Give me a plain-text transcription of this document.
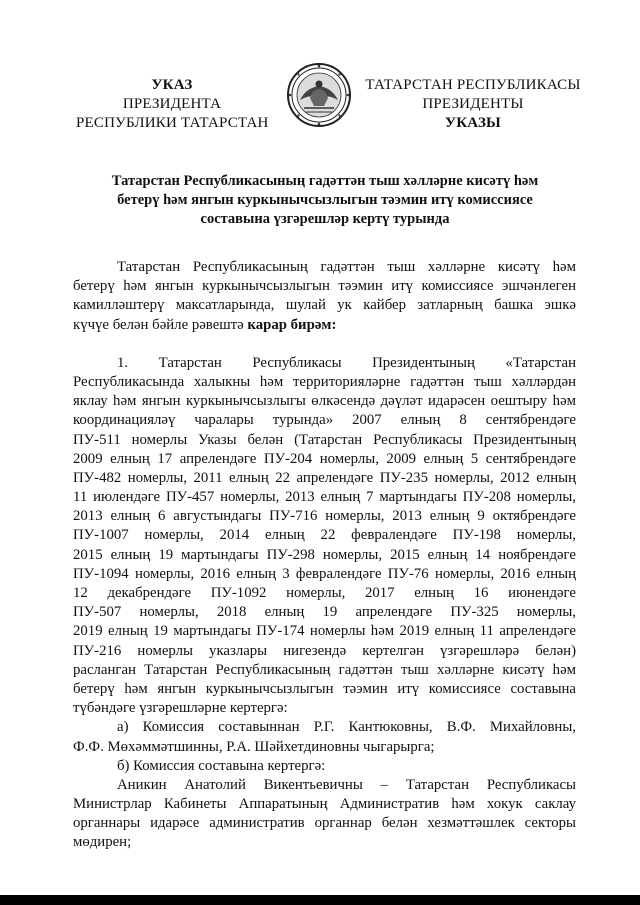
УКАЗ
ПРЕЗИДЕНТА
РЕСПУБЛИКИ ТАТАРСТАН
ТАТАРСТАН РЕСПУБЛИКАСЫ
ПРЕЗИДЕНТЫ
УКАЗЫ
Татарстан Республикасының гадәттән тыш хәлләрне кисәтү һәм
бетерү һәм янгын куркынычсызлыгын тәэмин итү комиссиясе
составына үзгәрешләр кертү турында
Татарстан Республикасының гадәттән тыш хәлләрне кисәтү һәм
бетерү һәм янгын куркынычсызлыгын тәэмин итү комиссиясе эшчәнлеген
камилләштерү максатларында, шулай ук кайбер затларның башка эшкә
күчүе белән бәйле рәвештә карар бирәм:
1. Татарстан Республикасы Президентының «Татарстан
Республикасында халыкны һәм территорияләрне гадәттән тыш хәлләрдән
яклау һәм янгын куркынычсызлыгы өлкәсендә дәүләт идарәсен оештыру һәм
координацияләү чаралары турында» 2007 елның 8 сентябрендәге
ПУ-511 номерлы Указы белән (Татарстан Республикасы Президентының
2009 елның 17 апрелендәге ПУ-204 номерлы, 2009 елның 5 сентябрендәге
ПУ-482 номерлы, 2011 елның 22 апрелендәге ПУ-235 номерлы, 2012 елның
11 июлендәге ПУ-457 номерлы, 2013 елның 7 мартындагы ПУ-208 номерлы,
2013 елның 6 августындагы ПУ-716 номерлы, 2013 елның 9 октябрендәге
ПУ-1007 номерлы, 2014 елның 22 февралендәге ПУ-198 номерлы,
2015 елның 19 мартындагы ПУ-298 номерлы, 2015 елның 14 ноябрендәге
ПУ-1094 номерлы, 2016 елның 3 февралендәге ПУ-76 номерлы, 2016 елның
12 декабрендәге ПУ-1092 номерлы, 2017 елның 16 июнендәге
ПУ-507 номерлы, 2018 елның 19 апрелендәге ПУ-325 номерлы,
2019 елның 19 мартындагы ПУ-174 номерлы һәм 2019 елның 11 апрелендәге
ПУ-216 номерлы указлары нигезендә кертелгән үзгәрешләрә белән)
расланган Татарстан Республикасының гадәттән тыш хәлләрне кисәтү һәм
бетерү һәм янгын куркынычсызлыгын тәэмин итү комиссиясе составына
түбәндәге үзгәрешләрне кертергә:
а) Комиссия составыннан Р.Г. Кантюковны, В.Ф. Михайловны,
Ф.Ф. Мөхәммәтшинны, Р.А. Шәйхетдиновны чыгарырга;
б) Комиссия составына кертергә:
Аникин Анатолий Викентьевичны – Татарстан Республикасы
Министрлар Кабинеты Аппаратының Административ һәм хокук саклау
органнары идарәсе административ органнар белән хезмәттәшлек секторы
мөдирен;
